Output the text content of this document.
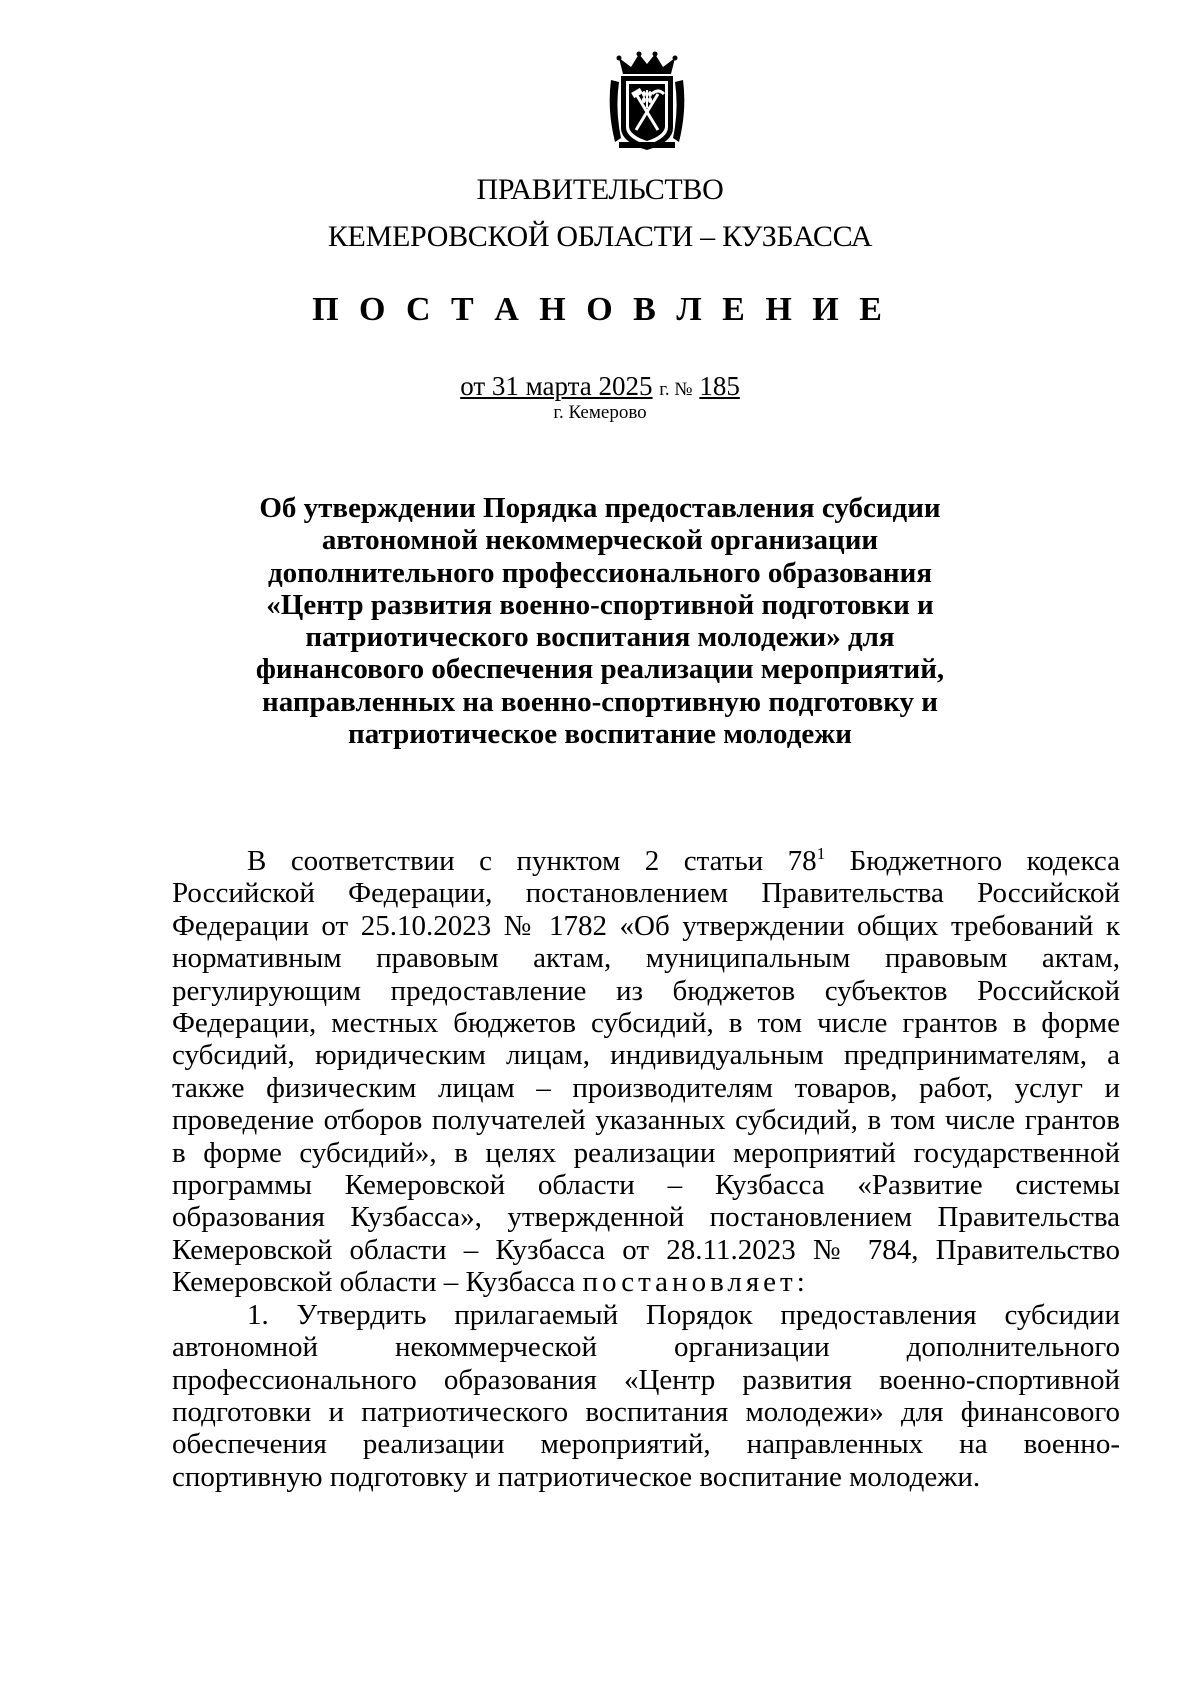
ПРАВИТЕЛЬСТВО
КЕМЕРОВСКОЙ ОБЛАСТИ – КУЗБАССА
П О С Т А Н О В Л Е Н И Е
от 31 марта 2025 г. № 185
г. Кемерово
Об утверждении Порядка предоставления субсидии автономной некоммерческой организации дополнительного профессионального образования «Центр развития военно-спортивной подготовки и патриотического воспитания молодежи» для финансового обеспечения реализации мероприятий, направленных на военно-спортивную подготовку и патриотическое воспитание молодежи

В соответствии с пунктом 2 статьи $78^1$ Бюджетного кодекса Российской Федерации, постановлением Правительства Российской Федерации от 25.10.2023 № 1782 «Об утверждении общих требований к нормативным правовым актам, муниципальным правовым актам, регулирующим предоставление из бюджетов субъектов Российской Федерации, местных бюджетов субсидий, в том числе грантов в форме субсидий, юридическим лицам, индивидуальным предпринимателям, а также физическим лицам – производителям товаров, работ, услуг и проведение отборов получателей указанных субсидий, в том числе грантов в форме субсидий», в целях реализации мероприятий государственной программы Кемеровской области – Кузбасса «Развитие системы образования Кузбасса», утвержденной постановлением Правительства Кемеровской области – Кузбасса от 28.11.2023 № 784, Правительство Кемеровской области – Кузбасса постановляет:

1. Утвердить прилагаемый Порядок предоставления субсидии автономной некоммерческой организации дополнительного профессионального образования «Центр развития военно-спортивной подготовки и патриотического воспитания молодежи» для финансового обеспечения реализации мероприятий, направленных на военно-спортивную подготовку и патриотическое воспитание молодежи.
